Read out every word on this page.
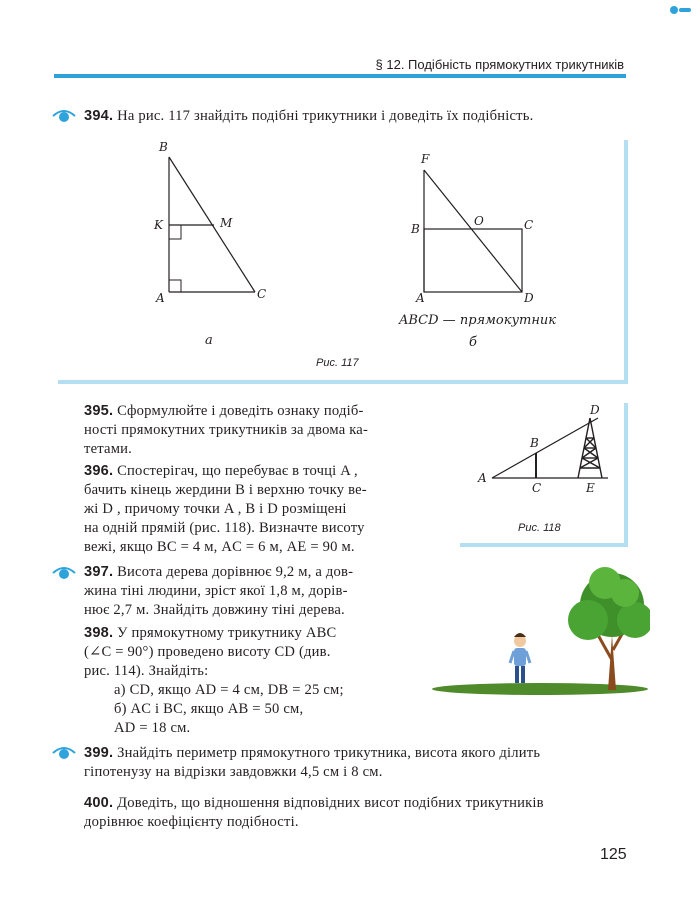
§ 12. Подібність прямокутних трикутників
394. На рис. 117 знайдіть подібні трикутники і доведіть їх подібність.
B
K	M
A	C
а
F
B
O	C
A	D
ABCD — прямокутник
б
Рис. 117
395. Сформулюйте і доведіть ознаку подіб-
ності прямокутних трикутників за двома ка-
тетами.
396. Спостерігач, що перебуває в точці A ,
бачить кінець жердини B і верхню точку ве-
жі D , причому точки A , B і D розміщені
на одній прямій (рис. 118). Визначте висоту
вежі, якщо BC = 4 м, AC = 6 м, AE = 90 м.
A
B
C
D
E
Рис. 118
397. Висота дерева дорівнює 9,2 м, а дов-
жина тіні людини, зріст якої 1,8 м, дорів-
нює 2,7 м. Знайдіть довжину тіні дерева.
398. У прямокутному трикутнику ABC
(∠C = 90°) проведено висоту CD (див.
рис. 114). Знайдіть:
а) CD, якщо AD = 4 см, DB = 25 см;
б) AC і BC, якщо AB = 50 см,
AD = 18 см.
399. Знайдіть периметр прямокутного трикутника, висота якого ділить
гіпотенузу на відрізки завдовжки 4,5 см і 8 см.
400. Доведіть, що відношення відповідних висот подібних трикутників
дорівнює коефіцієнту подібності.
125
